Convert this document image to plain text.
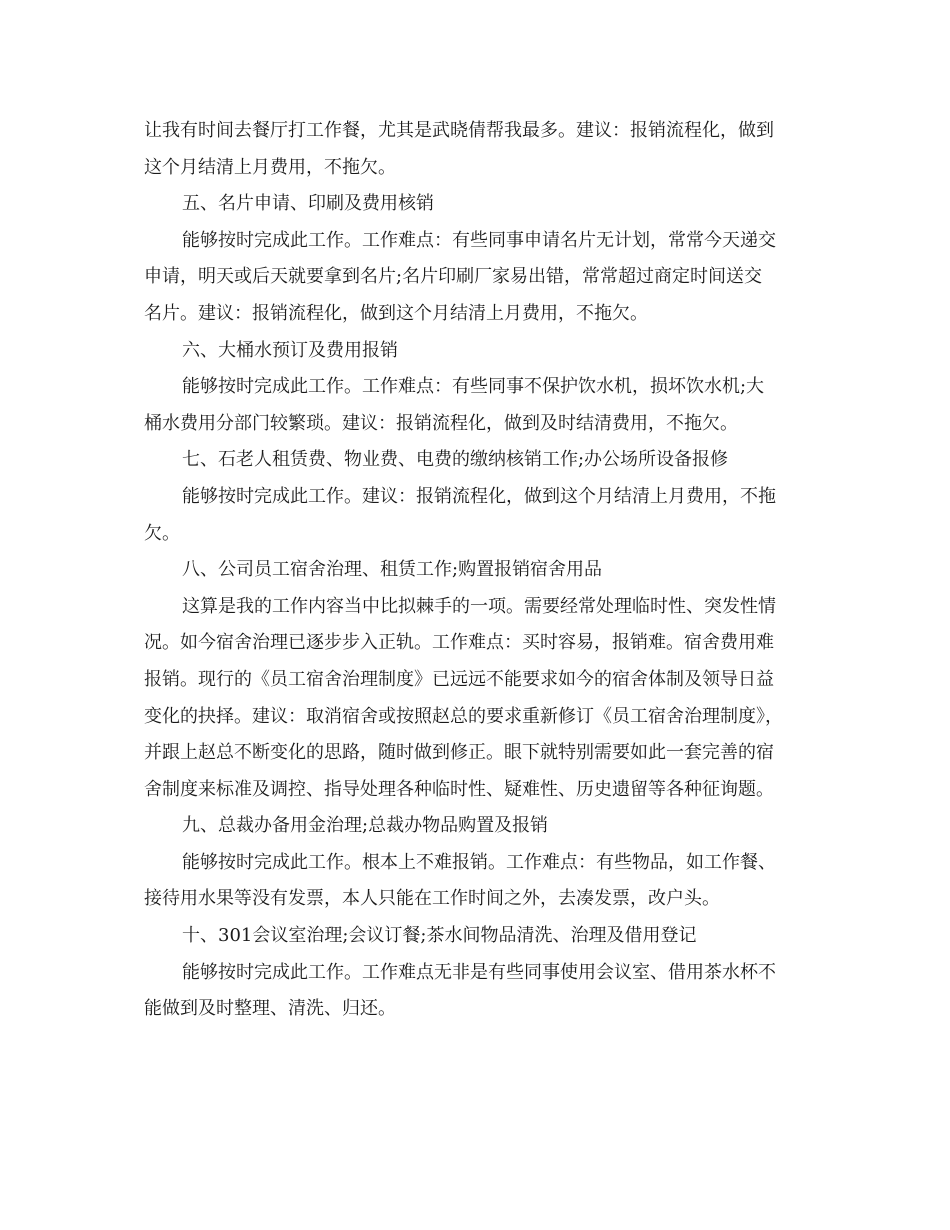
让我有时间去餐厅打工作餐，尤其是武晓倩帮我最多。建议：报销流程化，做到
这个月结清上月费用，不拖欠。
五、名片申请、印刷及费用核销
能够按时完成此工作。工作难点：有些同事申请名片无计划，常常今天递交
申请，明天或后天就要拿到名片;名片印刷厂家易出错，常常超过商定时间送交
名片。建议：报销流程化，做到这个月结清上月费用，不拖欠。
六、大桶水预订及费用报销
能够按时完成此工作。工作难点：有些同事不保护饮水机，损坏饮水机;大
桶水费用分部门较繁琐。建议：报销流程化，做到及时结清费用，不拖欠。
七、石老人租赁费、物业费、电费的缴纳核销工作;办公场所设备报修
能够按时完成此工作。建议：报销流程化，做到这个月结清上月费用，不拖
欠。
八、公司员工宿舍治理、租赁工作;购置报销宿舍用品
这算是我的工作内容当中比拟棘手的一项。需要经常处理临时性、突发性情
况。如今宿舍治理已逐步步入正轨。工作难点：买时容易，报销难。宿舍费用难
报销。现行的《员工宿舍治理制度》已远远不能要求如今的宿舍体制及领导日益
变化的抉择。建议：取消宿舍或按照赵总的要求重新修订《员工宿舍治理制度》，
并跟上赵总不断变化的思路，随时做到修正。眼下就特别需要如此一套完善的宿
舍制度来标准及调控、指导处理各种临时性、疑难性、历史遗留等各种征询题。
九、总裁办备用金治理;总裁办物品购置及报销
能够按时完成此工作。根本上不难报销。工作难点：有些物品，如工作餐、
接待用水果等没有发票，本人只能在工作时间之外，去凑发票，改户头。
十、301会议室治理;会议订餐;茶水间物品清洗、治理及借用登记
能够按时完成此工作。工作难点无非是有些同事使用会议室、借用茶水杯不
能做到及时整理、清洗、归还。
